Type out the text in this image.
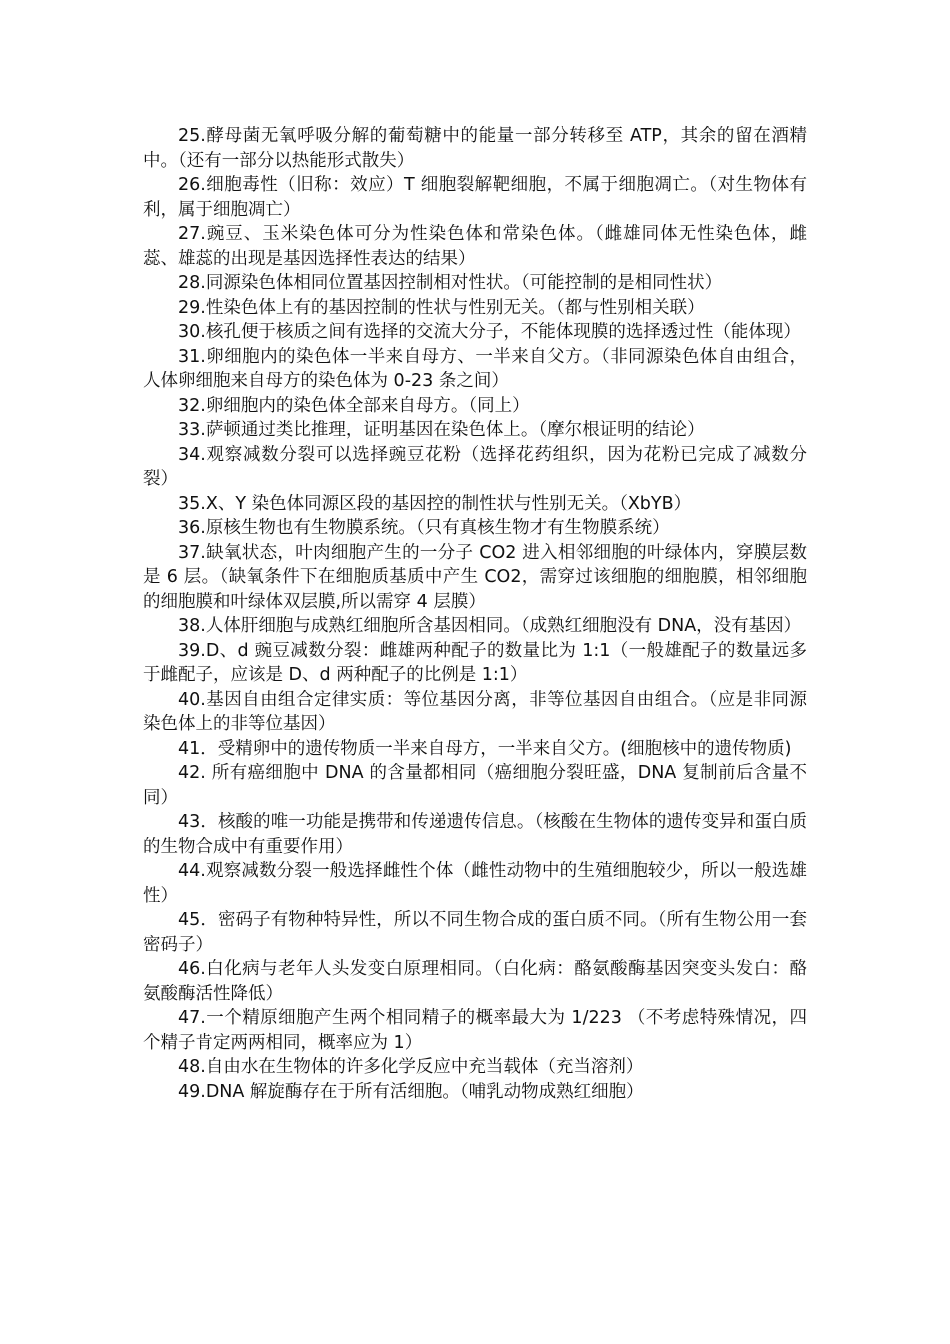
25.酵母菌无氧呼吸分解的葡萄糖中的能量一部分转移至 ATP，其余的留在酒精中。（还有一部分以热能形式散失）

26.细胞毒性（旧称：效应）T 细胞裂解靶细胞，不属于细胞凋亡。（对生物体有利，属于细胞凋亡）

27.豌豆、玉米染色体可分为性染色体和常染色体。（雌雄同体无性染色体，雌蕊、雄蕊的出现是基因选择性表达的结果）

28.同源染色体相同位置基因控制相对性状。（可能控制的是相同性状）

29.性染色体上有的基因控制的性状与性别无关。（都与性别相关联）

30.核孔便于核质之间有选择的交流大分子，不能体现膜的选择透过性（能体现）

31.卵细胞内的染色体一半来自母方、一半来自父方。（非同源染色体自由组合，人体卵细胞来自母方的染色体为 0-23 条之间）

32.卵细胞内的染色体全部来自母方。（同上）

33.萨顿通过类比推理，证明基因在染色体上。（摩尔根证明的结论）

34.观察减数分裂可以选择豌豆花粉（选择花药组织，因为花粉已完成了减数分裂）

35.X、Y 染色体同源区段的基因控的制性状与性别无关。（XbYB）

36.原核生物也有生物膜系统。（只有真核生物才有生物膜系统）

37.缺氧状态，叶肉细胞产生的一分子 CO2 进入相邻细胞的叶绿体内，穿膜层数是 6 层。（缺氧条件下在细胞质基质中产生 CO2，需穿过该细胞的细胞膜，相邻细胞的细胞膜和叶绿体双层膜,所以需穿 4 层膜）

38.人体肝细胞与成熟红细胞所含基因相同。（成熟红细胞没有 DNA，没有基因）

39.D、d 豌豆减数分裂：雌雄两种配子的数量比为 1:1（一般雄配子的数量远多于雌配子，应该是 D、d 两种配子的比例是 1:1）

40.基因自由组合定律实质：等位基因分离，非等位基因自由组合。（应是非同源染色体上的非等位基因）

41．受精卵中的遗传物质一半来自母方，一半来自父方。(细胞核中的遗传物质)

42. 所有癌细胞中 DNA 的含量都相同（癌细胞分裂旺盛，DNA 复制前后含量不同）

43．核酸的唯一功能是携带和传递遗传信息。（核酸在生物体的遗传变异和蛋白质的生物合成中有重要作用）

44.观察减数分裂一般选择雌性个体（雌性动物中的生殖细胞较少，所以一般选雄性）

45．密码子有物种特异性，所以不同生物合成的蛋白质不同。（所有生物公用一套密码子）

46.白化病与老年人头发变白原理相同。（白化病：酪氨酸酶基因突变头发白：酪氨酸酶活性降低）

47.一个精原细胞产生两个相同精子的概率最大为 1/223 （不考虑特殊情况，四个精子肯定两两相同，概率应为 1）

48.自由水在生物体的许多化学反应中充当载体（充当溶剂）

49.DNA 解旋酶存在于所有活细胞。（哺乳动物成熟红细胞）
